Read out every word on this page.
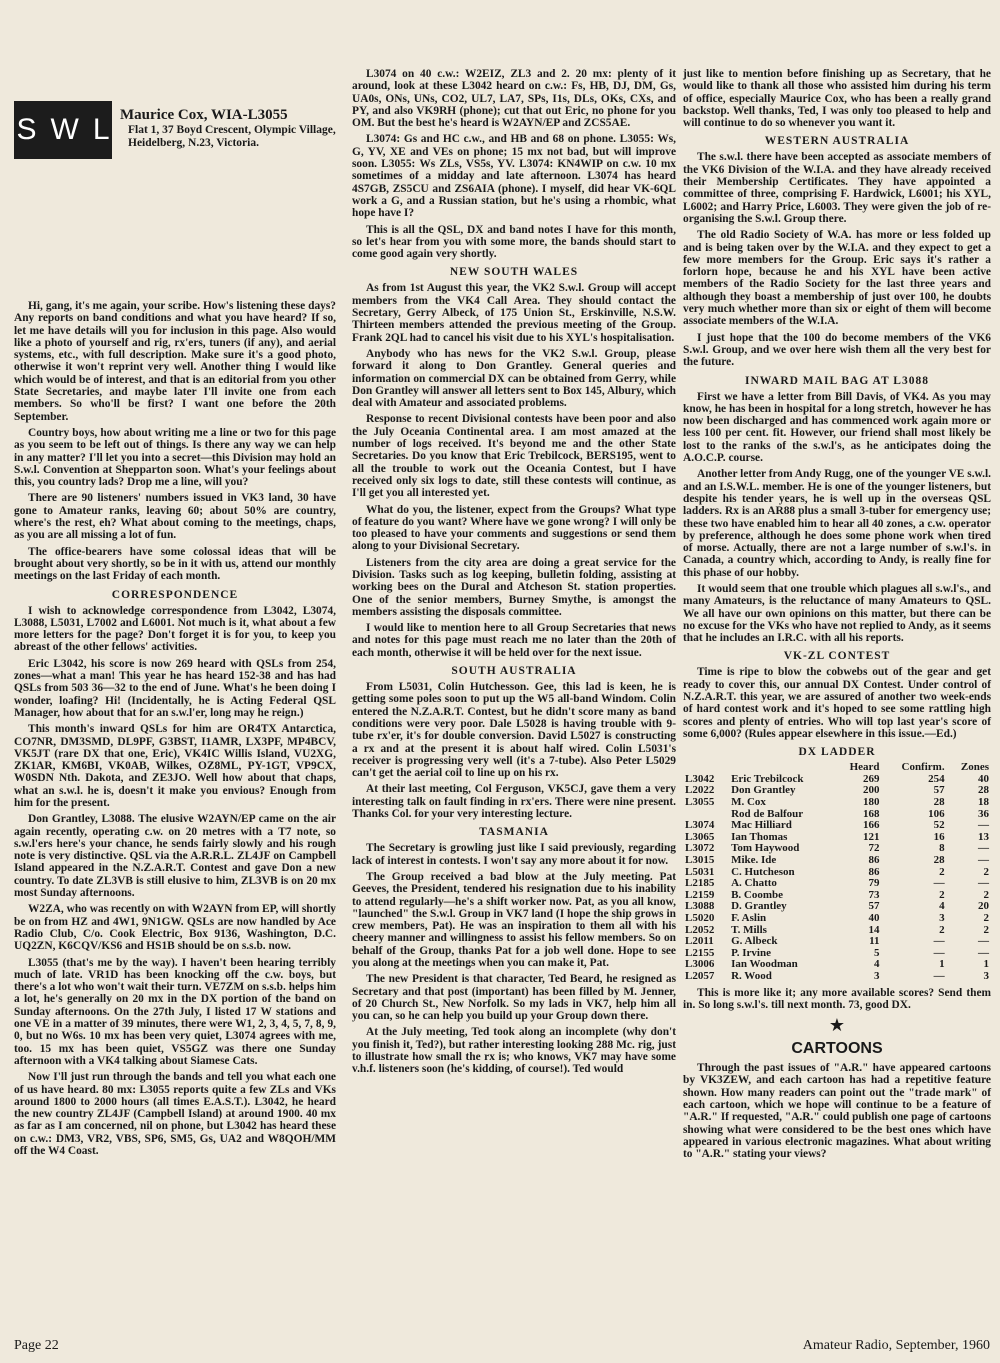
SWL
Maurice Cox, WIA-L3055
Flat 1, 37 Boyd Crescent, Olympic Village, Heidelberg, N.23, Victoria.

Hi, gang, it's me again, your scribe. How's listening these days? Any reports on band conditions and what you have heard? If so, let me have details will you for inclusion in this page. Also would like a photo of yourself and rig, rx'ers, tuners (if any), and aerial systems, etc., with full description. Make sure it's a good photo, otherwise it won't reprint very well. Another thing I would like which would be of interest, and that is an editorial from you other State Secretaries, and maybe later I'll invite one from each members. So who'll be first? I want one before the 20th September.

Country boys, how about writing me a line or two for this page as you seem to be left out of things. Is there any way we can help in any matter? I'll let you into a secret—this Division may hold an S.w.l. Convention at Shepparton soon. What's your feelings about this, you country lads? Drop me a line, will you?

There are 90 listeners' numbers issued in VK3 land, 30 have gone to Amateur ranks, leaving 60; about 50% are country, where's the rest, eh? What about coming to the meetings, chaps, as you are all missing a lot of fun.

The office-bearers have some colossal ideas that will be brought about very shortly, so be in it with us, attend our monthly meetings on the last Friday of each month.

CORRESPONDENCE

I wish to acknowledge correspondence from L3042, L3074, L3088, L5031, L7002 and L6001. Not much is it, what about a few more letters for the page? Don't forget it is for you, to keep you abreast of the other fellows' activities.

Eric L3042, his score is now 269 heard with QSLs from 254, zones—what a man! This year he has heard 152-38 and has had QSLs from 503 36—32 to the end of June. What's he been doing I wonder, loafing? Hi! (Incidentally, he is Acting Federal QSL Manager, how about that for an s.w.l'er, long may he reign.)

This month's inward QSLs for him are OR4TX Antarctica, CO7NR, DM3SMD, DL9PF, G3BST, I1AMR, LX3PF, MP4BCV, VK5JT (rare DX that one, Eric), VK4IC Willis Island, VU2XG, ZK1AR, KM6BI, VK0AB, Wilkes, OZ8ML, PY-1GT, VP9CX, W0SDN Nth. Dakota, and ZE3JO. Well how about that chaps, what an s.w.l. he is, doesn't it make you envious? Enough from him for the present.

Don Grantley, L3088. The elusive W2AYN/EP came on the air again recently, operating c.w. on 20 metres with a T7 note, so s.w.l'ers here's your chance, he sends fairly slowly and his rough note is very distinctive. QSL via the A.R.R.L. ZL4JF on Campbell Island appeared in the N.Z.A.R.T. Contest and gave Don a new country. To date ZL3VB is still elusive to him, ZL3VB is on 20 mx most Sunday afternoons.

W2ZA, who was recently on with W2AYN from EP, will shortly be on from HZ and 4W1, 9N1GW. QSLs are now handled by Ace Radio Club, C/o. Cook Electric, Box 9136, Washington, D.C. UQ2ZN, K6CQV/KS6 and HS1B should be on s.s.b. now.

L3055 (that's me by the way). I haven't been hearing terribly much of late. VR1D has been knocking off the c.w. boys, but there's a lot who won't wait their turn. VE7ZM on s.s.b. helps him a lot, he's generally on 20 mx in the DX portion of the band on Sunday afternoons. On the 27th July, I listed 17 W stations and one VE in a matter of 39 minutes, there were W1, 2, 3, 4, 5, 7, 8, 9, 0, but no W6s. 10 mx has been very quiet, L3074 agrees with me, too. 15 mx has been quiet, VS5GZ was there one Sunday afternoon with a VK4 talking about Siamese Cats.

Now I'll just run through the bands and tell you what each one of us have heard. 80 mx: L3055 reports quite a few ZLs and VKs around 1800 to 2000 hours (all times E.A.S.T.). L3042, he heard the new country ZL4JF (Campbell Island) at around 1900. 40 mx as far as I am concerned, nil on phone, but L3042 has heard these on c.w.: DM3, VR2, VBS, SP6, SM5, Gs, UA2 and W8QOH/MM off the W4 Coast.

L3074 on 40 c.w.: W2EIZ, ZL3 and 2. 20 mx: plenty of it around, look at these L3042 heard on c.w.: Fs, HB, DJ, DM, Gs, UA0s, ONs, UNs, CO2, UL7, LA7, SPs, I1s, DLs, OKs, CXs, and PY, and also VK9RH (phone); cut that out Eric, no phone for you OM. But the best he's heard is W2AYN/EP and ZCS5AE.

L3074: Gs and HC c.w., and HB and 68 on phone. L3055: Ws, G, YV, XE and VEs on phone; 15 mx not bad, but will improve soon. L3055: Ws ZLs, VS5s, YV. L3074: KN4WIP on c.w. 10 mx sometimes of a midday and late afternoon. L3074 has heard 4S7GB, ZS5CU and ZS6AIA (phone). I myself, did hear VK-6QL work a G, and a Russian station, but he's using a rhombic, what hope have I?

This is all the QSL, DX and band notes I have for this month, so let's hear from you with some more, the bands should start to come good again very shortly.

NEW SOUTH WALES

As from 1st August this year, the VK2 S.w.l. Group will accept members from the VK4 Call Area. They should contact the Secretary, Gerry Albeck, of 175 Union St., Erskinville, N.S.W. Thirteen members attended the previous meeting of the Group. Frank 2QL had to cancel his visit due to his XYL's hospitalisation.

Anybody who has news for the VK2 S.w.l. Group, please forward it along to Don Grantley. General queries and information on commercial DX can be obtained from Gerry, while Don Grantley will answer all letters sent to Box 145, Albury, which deal with Amateur and associated problems.

Response to recent Divisional contests have been poor and also the July Oceania Continental area. I am most amazed at the number of logs received. It's beyond me and the other State Secretaries. Do you know that Eric Trebilcock, BERS195, went to all the trouble to work out the Oceania Contest, but I have received only six logs to date, still these contests will continue, as I'll get you all interested yet.

What do you, the listener, expect from the Groups? What type of feature do you want? Where have we gone wrong? I will only be too pleased to have your comments and suggestions or send them along to your Divisional Secretary.

Listeners from the city area are doing a great service for the Division. Tasks such as log keeping, bulletin folding, assisting at working bees on the Dural and Atcheson St. station properties. One of the senior members, Burney Smythe, is amongst the members assisting the disposals committee.

I would like to mention here to all Group Secretaries that news and notes for this page must reach me no later than the 20th of each month, otherwise it will be held over for the next issue.

SOUTH AUSTRALIA

From L5031, Colin Hutchesson. Gee, this lad is keen, he is getting some poles soon to put up the W5 all-band Windom. Colin entered the N.Z.A.R.T. Contest, but he didn't score many as band conditions were very poor. Dale L5028 is having trouble with 9-tube rx'er, it's for double conversion. David L5027 is constructing a rx and at the present it is about half wired. Colin L5031's receiver is progressing very well (it's a 7-tube). Also Peter L5029 can't get the aerial coil to line up on his rx.

At their last meeting, Col Ferguson, VK5CJ, gave them a very interesting talk on fault finding in rx'ers. There were nine present. Thanks Col. for your very interesting lecture.

TASMANIA

The Secretary is growling just like I said previously, regarding lack of interest in contests. I won't say any more about it for now.

The Group received a bad blow at the July meeting. Pat Geeves, the President, tendered his resignation due to his inability to attend regularly—he's a shift worker now. Pat, as you all know, "launched" the S.w.l. Group in VK7 land (I hope the ship grows in crew members, Pat). He was an inspiration to them all with his cheery manner and willingness to assist his fellow members. So on behalf of the Group, thanks Pat for a job well done. Hope to see you along at the meetings when you can make it, Pat.

The new President is that character, Ted Beard, he resigned as Secretary and that post (important) has been filled by M. Jenner, of 20 Church St., New Norfolk. So my lads in VK7, help him all you can, so he can help you build up your Group down there.

At the July meeting, Ted took along an incomplete (why don't you finish it, Ted?), but rather interesting looking 288 Mc. rig, just to illustrate how small the rx is; who knows, VK7 may have some v.h.f. listeners soon (he's kidding, of course!). Ted would

just like to mention before finishing up as Secretary, that he would like to thank all those who assisted him during his term of office, especially Maurice Cox, who has been a really grand backstop. Well thanks, Ted, I was only too pleased to help and will continue to do so whenever you want it.

WESTERN AUSTRALIA

The s.w.l. there have been accepted as associate members of the VK6 Division of the W.I.A. and they have already received their Membership Certificates. They have appointed a committee of three, comprising F. Hardwick, L6001; his XYL, L6002; and Harry Price, L6003. They were given the job of re-organising the S.w.l. Group there.

The old Radio Society of W.A. has more or less folded up and is being taken over by the W.I.A. and they expect to get a few more members for the Group. Eric says it's rather a forlorn hope, because he and his XYL have been active members of the Radio Society for the last three years and although they boast a membership of just over 100, he doubts very much whether more than six or eight of them will become associate members of the W.I.A.

I just hope that the 100 do become members of the VK6 S.w.l. Group, and we over here wish them all the very best for the future.

INWARD MAIL BAG AT L3088

First we have a letter from Bill Davis, of VK4. As you may know, he has been in hospital for a long stretch, however he has now been discharged and has commenced work again more or less 100 per cent. fit. However, our friend shall most likely be lost to the ranks of the s.w.l's, as he anticipates doing the A.O.C.P. course.

Another letter from Andy Rugg, one of the younger VE s.w.l. and an I.S.W.L. member. He is one of the younger listeners, but despite his tender years, he is well up in the overseas QSL ladders. Rx is an AR88 plus a small 3-tuber for emergency use; these two have enabled him to hear all 40 zones, a c.w. operator by preference, although he does some phone work when tired of morse. Actually, there are not a large number of s.w.l's. in Canada, a country which, according to Andy, is really fine for this phase of our hobby.

It would seem that one trouble which plagues all s.w.l's., and many Amateurs, is the reluctance of many Amateurs to QSL. We all have our own opinions on this matter, but there can be no excuse for the VKs who have not replied to Andy, as it seems that he includes an I.R.C. with all his reports.

VK-ZL CONTEST

Time is ripe to blow the cobwebs out of the gear and get ready to cover this, our annual DX Contest. Under control of N.Z.A.R.T. this year, we are assured of another two week-ends of hard contest work and it's hoped to see some rattling high scores and plenty of entries. Who will top last year's score of some 6,000? (Rules appear elsewhere in this issue.—Ed.)

DX LADDER
		Heard	Confirm.	Zones
L3042	Eric Trebilcock	269	254	40
L2022	Don Grantley	200	57	28
L3055	M. Cox	180	28	18
	Rod de Balfour	168	106	36
L3074	Mac Hilliard	166	52	—
L3065	Ian Thomas	121	16	13
L3072	Tom Haywood	72	8	—
L3015	Mike. Ide	86	28	—
L5031	C. Hutcheson	86	2	2
L2185	A. Chatto	79	—	—
L2159	B. Coombe	73	2	2
L3088	D. Grantley	57	4	20
L5020	F. Aslin	40	3	2
L2052	T. Mills	14	2	2
L2011	G. Albeck	11	—	—
L2155	P. Irvine	5	—	—
L3006	Ian Woodman	4	1	1
L2057	R. Wood	3	—	3

This is more like it; any more available scores? Send them in. So long s.w.l's. till next month. 73, good DX.

★
CARTOONS

Through the past issues of "A.R." have appeared cartoons by VK3ZEW, and each cartoon has had a repetitive feature shown. How many readers can point out the "trade mark" of each cartoon, which we hope will continue to be a feature of "A.R." If requested, "A.R." could publish one page of cartoons showing what were considered to be the best ones which have appeared in various electronic magazines. What about writing to "A.R." stating your views?

Page 22	Amateur Radio, September, 1960
